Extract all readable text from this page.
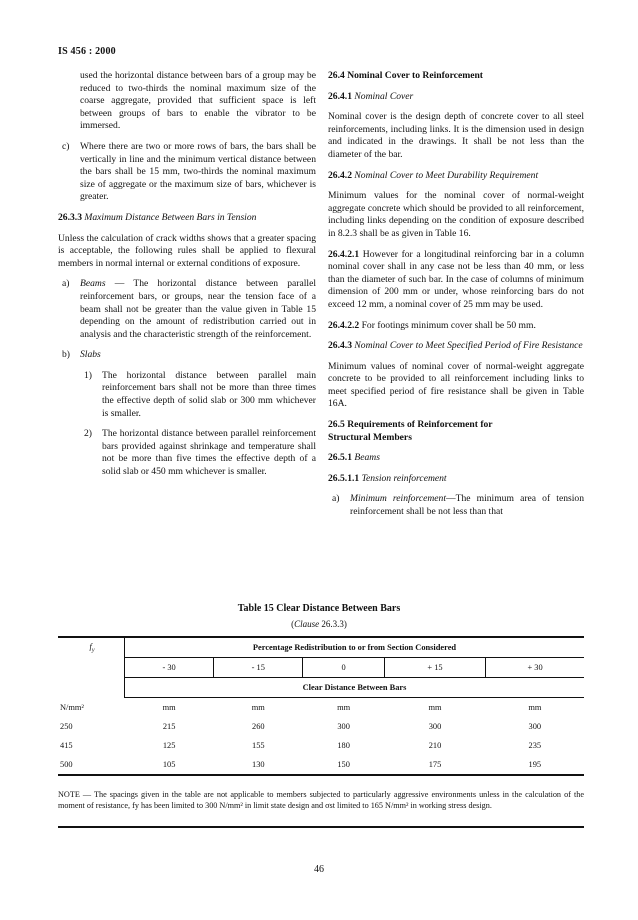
IS 456 : 2000

used the horizontal distance between bars of a group may be reduced to two-thirds the nominal maximum size of the coarse aggregate, provided that sufficient space is left between groups of bars to enable the vibrator to be immersed.

c)	Where there are two or more rows of bars, the bars shall be vertically in line and the minimum vertical distance between the bars shall be 15 mm, two-thirds the nominal maximum size of aggregate or the maximum size of bars, whichever is greater.

26.3.3 Maximum Distance Between Bars in Tension

Unless the calculation of crack widths shows that a greater spacing is acceptable, the following rules shall be applied to flexural members in normal internal or external conditions of exposure.

a)	Beams — The horizontal distance between parallel reinforcement bars, or groups, near the tension face of a beam shall not be greater than the value given in Table 15 depending on the amount of redistribution carried out in analysis and the characteristic strength of the reinforcement.
b)	Slabs
1)	The horizontal distance between parallel main reinforcement bars shall not be more than three times the effective depth of solid slab or 300 mm whichever is smaller.
2)	The horizontal distance between parallel reinforcement bars provided against shrinkage and temperature shall not be more than five times the effective depth of a solid slab or 450 mm whichever is smaller.

26.4 Nominal Cover to Reinforcement

26.4.1 Nominal Cover

Nominal cover is the design depth of concrete cover to all steel reinforcements, including links. It is the dimension used in design and indicated in the drawings. It shall be not less than the diameter of the bar.

26.4.2 Nominal Cover to Meet Durability Requirement

Minimum values for the nominal cover of normal-weight aggregate concrete which should be provided to all reinforcement, including links depending on the condition of exposure described in 8.2.3 shall be as given in Table 16.

26.4.2.1 However for a longitudinal reinforcing bar in a column nominal cover shall in any case not be less than 40 mm, or less than the diameter of such bar. In the case of columns of minimum dimension of 200 mm or under, whose reinforcing bars do not exceed 12 mm, a nominal cover of 25 mm may be used.

26.4.2.2 For footings minimum cover shall be 50 mm.

26.4.3 Nominal Cover to Meet Specified Period of Fire Resistance

Minimum values of nominal cover of normal-weight aggregate concrete to be provided to all reinforcement including links to meet specified period of fire resistance shall be given in Table 16A.

26.5 Requirements of Reinforcement for
Structural Members

26.5.1 Beams

26.5.1.1 Tension reinforcement

a)	Minimum reinforcement—The minimum area of tension reinforcement shall be not less than that
Table 15 Clear Distance Between Bars
(Clause 26.3.3)
$f_y$	Percentage Redistribution to or from Section Considered				
	- 30	- 15	0	+ 15	+ 30
	Clear Distance Between Bars				
N/mm²	mm	mm	mm	mm	mm
250	215	260	300	300	300
415	125	155	180	210	235
500	105	130	150	175	195
NOTE — The spacings given in the table are not applicable to members subjected to particularly aggressive environments unless in the calculation of the moment of resistance, fy has been limited to 300 N/mm² in limit state design and σst limited to 165 N/mm² in working stress design.
46
